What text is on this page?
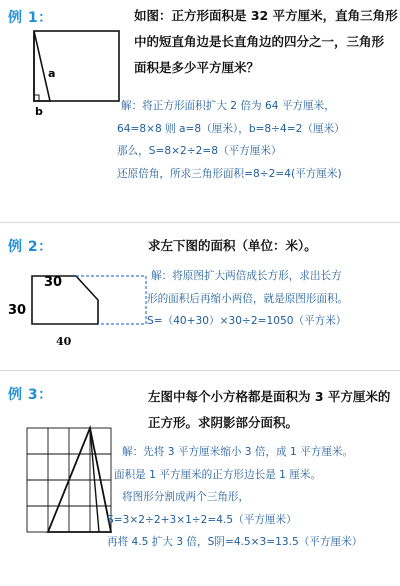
例 1：
a
b
如图：正方形面积是 32 平方厘米，直角三角形
中的短直角边是长直角边的四分之一，三角形
面积是多少平方厘米？
解：将正方形面积扩大 2 倍为 64 平方厘米，
64=8×8 则 a=8（厘米），b=8÷4=2（厘米）
那么，S=8×2÷2=8（平方厘米）
还原倍角，所求三角形面积=8÷2=4(平方厘米)
例 2：	求左下图的面积（单位：米）。
30
30
40
解：将原图扩大两倍成长方形，求出长方
形的面积后再缩小两倍，就是原图形面积。
S=（40+30）×30÷2=1050（平方米）
例 3：	左图中每个小方格都是面积为 3 平方厘米的
正方形。求阴影部分面积。
解：先将 3 平方厘米缩小 3 倍，成 1 平方厘米。
面积是 1 平方厘米的正方形边长是 1 厘米。
将图形分割成两个三角形，
S=3×2÷2+3×1÷2=4.5（平方厘米）
再将 4.5 扩大 3 倍，S阴=4.5×3=13.5（平方厘米）
